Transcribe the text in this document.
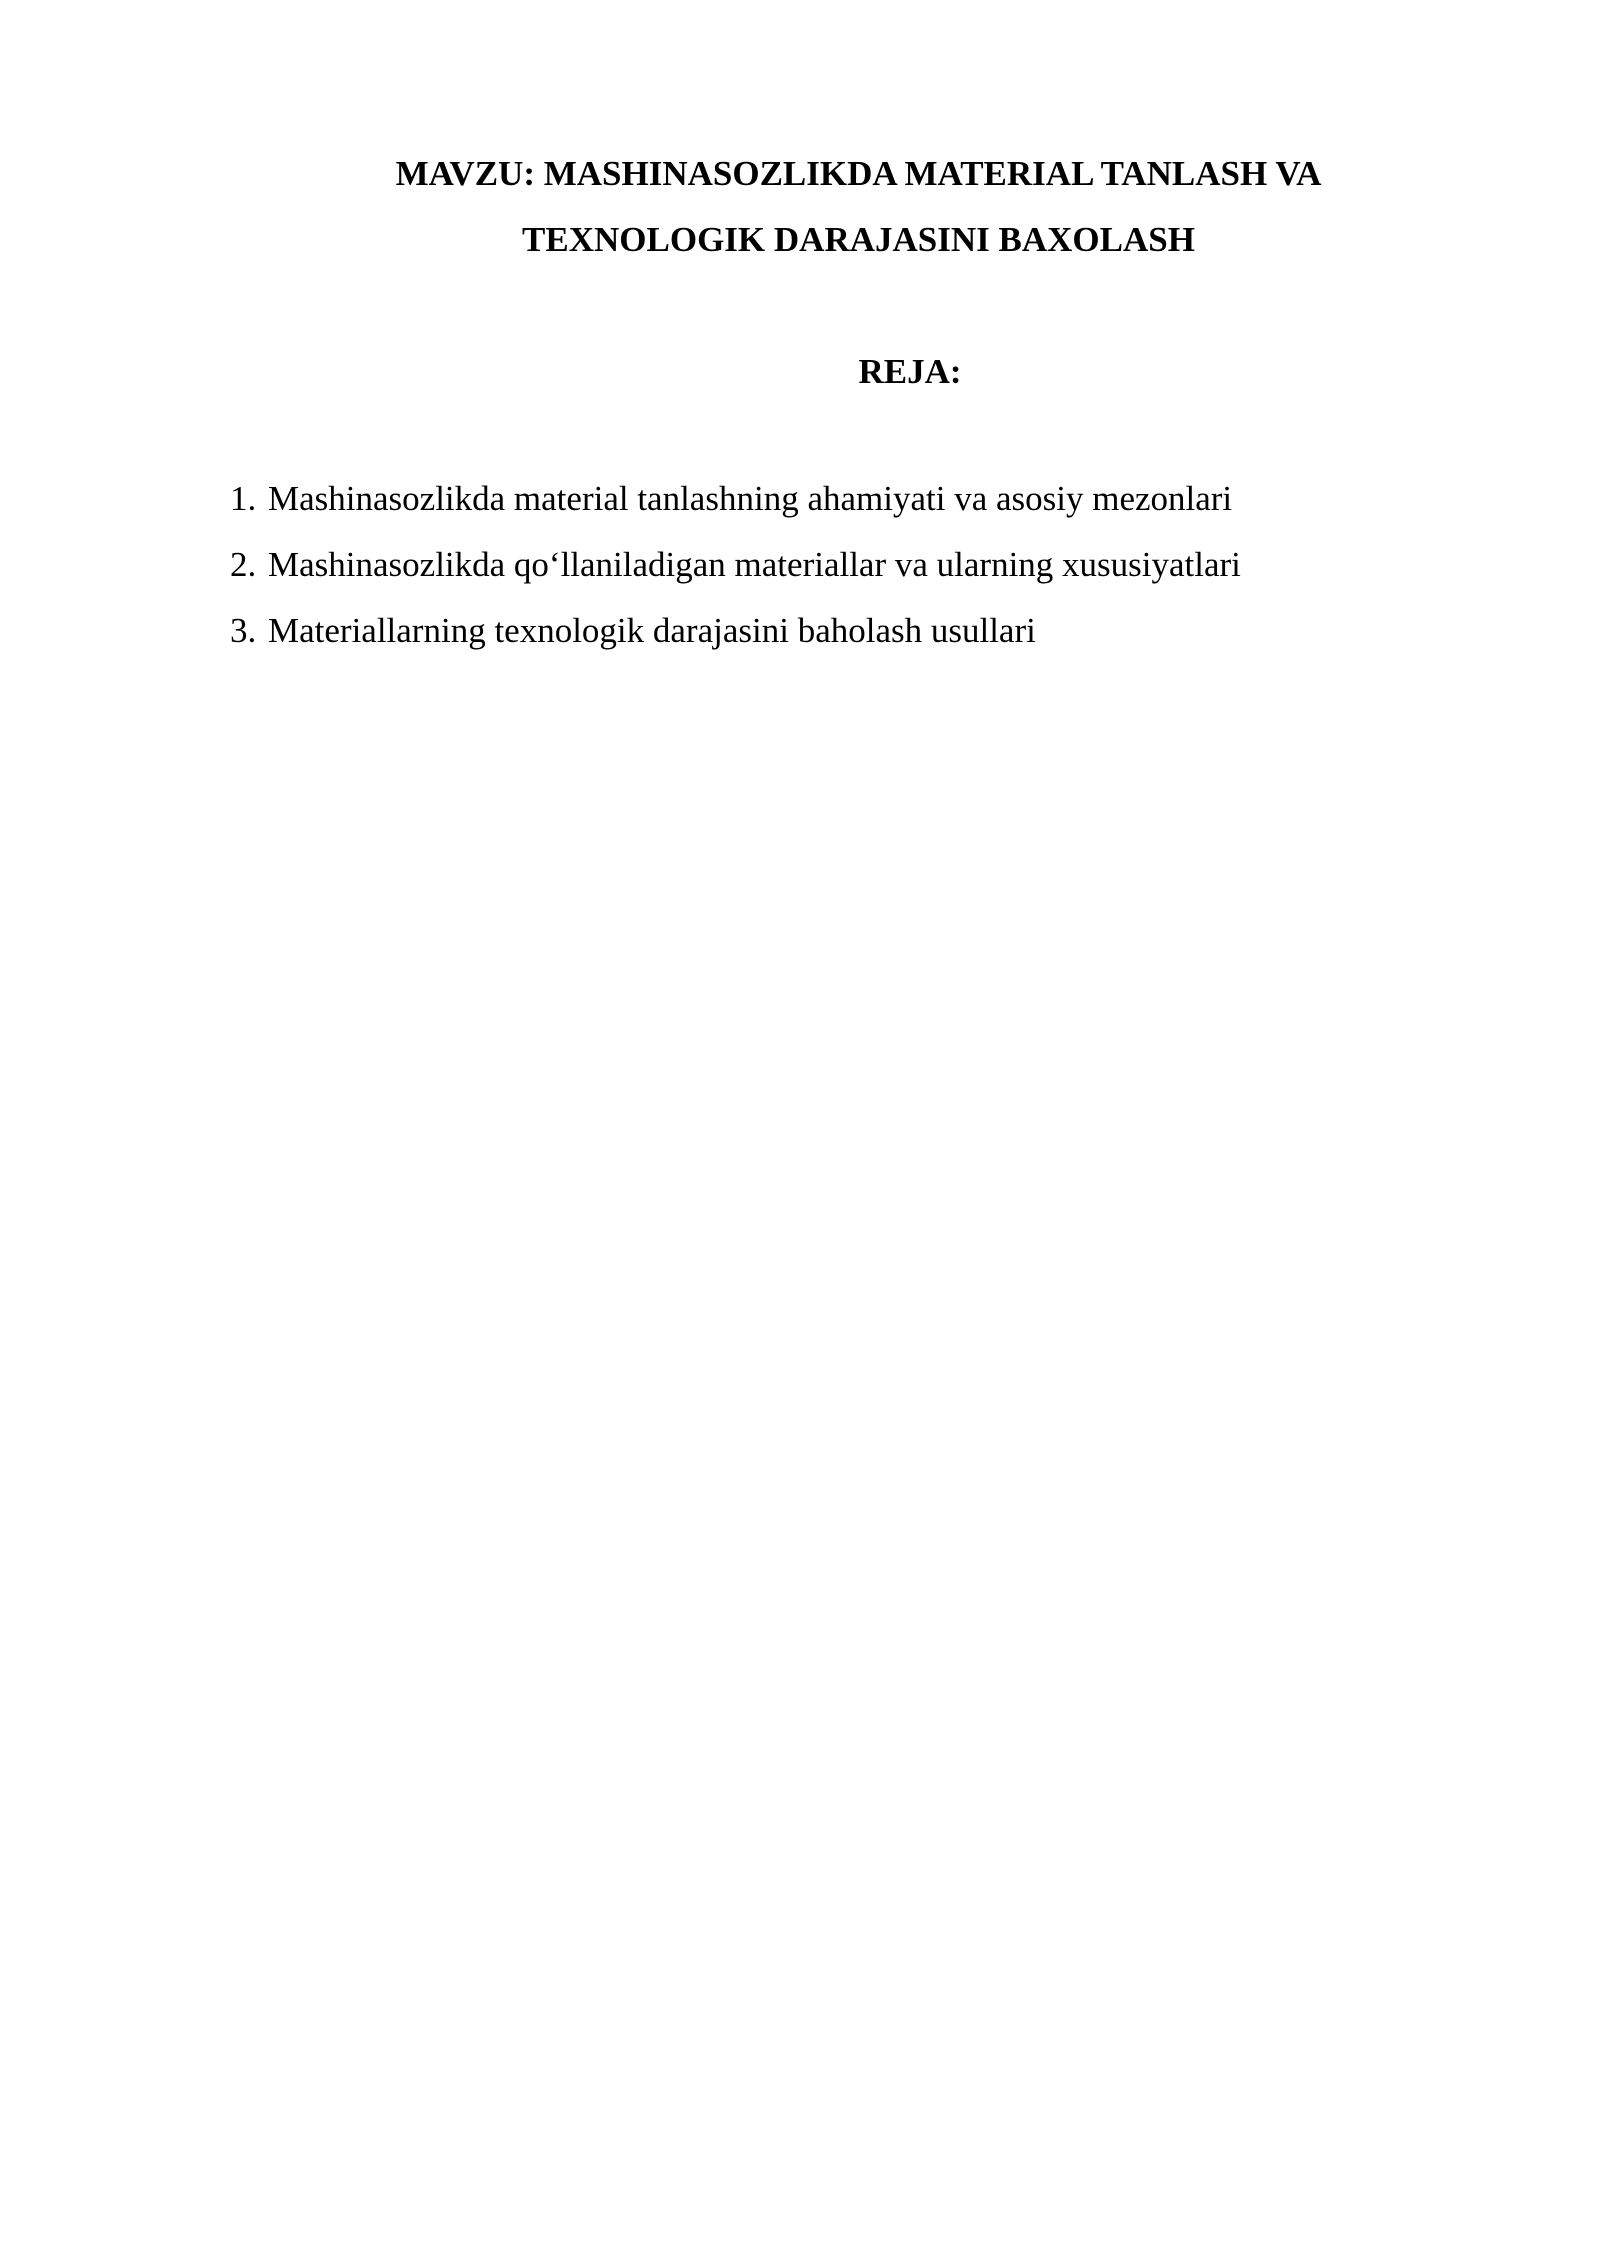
MAVZU: MASHINASOZLIKDA MATERIAL TANLASH VA
TEXNOLOGIK DARAJASINI BAXOLASH
REJA:
1. Mashinasozlikda material tanlashning ahamiyati va asosiy mezonlari
2. Mashinasozlikda qo‘llaniladigan materiallar va ularning xususiyatlari
3. Materiallarning texnologik darajasini baholash usullari
